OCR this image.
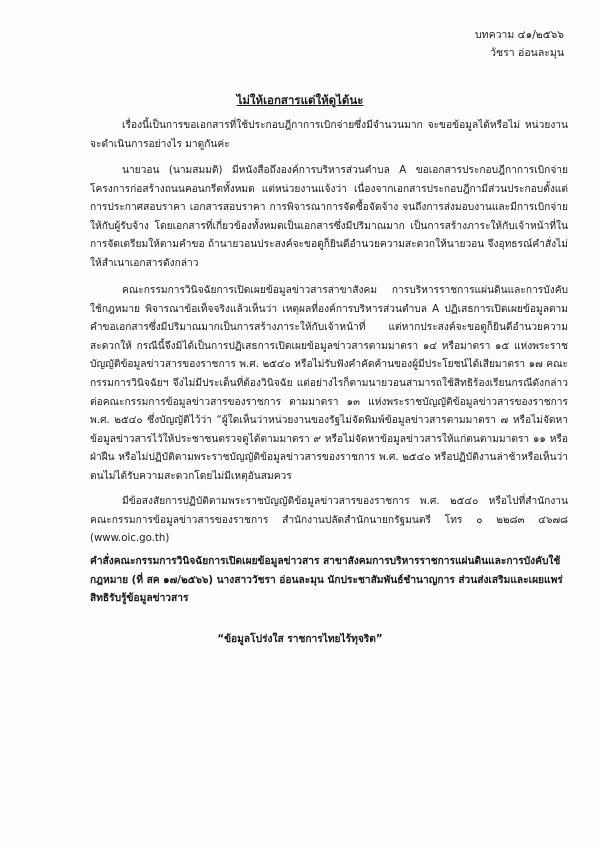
บทความ ๔๑/๒๕๖๖
วัชรา อ่อนละมุน
ไม่ให้เอกสารแต่ให้ดูได้นะ
เรื่องนี้เป็นการขอเอกสารที่ใช้ประกอบฎีกาการเบิกจ่ายซึ่งมีจำนวนมาก จะขอข้อมูลได้หรือไม่ หน่วยงานจะดำเนินการอย่างไร มาดูกันค่ะ
นายวอน (นามสมมติ) มีหนังสือถึงองค์การบริหารส่วนตำบล A ขอเอกสารประกอบฎีกาการเบิกจ่ายโครงการก่อสร้างถนนคอนกรีตทั้งหมด แต่หน่วยงานแจ้งว่า เนื่องจากเอกสารประกอบฎีกามีส่วนประกอบตั้งแต่การประกาศสอบราคา เอกสารสอบราคา การพิจารณาการจัดซื้อจัดจ้าง จนถึงการส่งมอบงานและมีการเบิกจ่ายให้กับผู้รับจ้าง โดยเอกสารที่เกี่ยวข้องทั้งหมดเป็นเอกสารซึ่งมีปริมาณมาก เป็นการสร้างภาระให้กับเจ้าหน้าที่ในการจัดเตรียมให้ตามคำขอ ถ้านายวอนประสงค์จะขอดูก็ยินดีอำนวยความสะดวกให้นายวอน จึงอุทธรณ์คำสั่งไม่ให้สำเนาเอกสารดังกล่าว
คณะกรรมการวินิจฉัยการเปิดเผยข้อมูลข่าวสารสาขาสังคม การบริหารราชการแผ่นดินและการบังคับใช้กฎหมาย พิจารณาข้อเท็จจริงแล้วเห็นว่า เหตุผลที่องค์การบริหารส่วนตำบล A ปฏิเสธการเปิดเผยข้อมูลตามคำขอเอกสารซึ่งมีปริมาณมากเป็นการสร้างภาระให้กับเจ้าหน้าที่ แต่หากประสงค์จะขอดูก็ยินดีอำนวยความสะดวกให้ กรณีนี้จึงมิได้เป็นการปฏิเสธการเปิดเผยข้อมูลข่าวสารตามมาตรา ๑๔ หรือมาตรา ๑๕ แห่งพระราชบัญญัติข้อมูลข่าวสารของราชการ พ.ศ. ๒๕๔๐ หรือไม่รับฟังคำคัดค้านของผู้มีประโยชน์ได้เสียมาตรา ๑๗ คณะกรรมการวินิจฉัยฯ จึงไม่มีประเด็นที่ต้องวินิจฉัย แต่อย่างไรก็ตามนายวอนสามารถใช้สิทธิร้องเรียนกรณีดังกล่าวต่อคณะกรรมการข้อมูลข่าวสารของราชการ ตามมาตรา ๑๓ แห่งพระราชบัญญัติข้อมูลข่าวสารของราชการ พ.ศ. ๒๕๔๐ ซึ่งบัญญัติไว้ว่า “ผู้ใดเห็นว่าหน่วยงานของรัฐไม่จัดพิมพ์ข้อมูลข่าวสารตามมาตรา ๗ หรือไม่จัดหาข้อมูลข่าวสารไว้ให้ประชาชนตรวจดูได้ตามมาตรา ๙ หรือไม่จัดหาข้อมูลข่าวสารให้แก่ตนตามมาตรา ๑๑ หรือฝ่าฝืน หรือไม่ปฏิบัติตามพระราชบัญญัติข้อมูลข่าวสารของราชการ พ.ศ. ๒๕๔๐ หรือปฏิบัติงานล่าช้าหรือเห็นว่าตนไม่ได้รับความสะดวกโดยไม่มีเหตุอันสมควร
มีข้อสงสัยการปฏิบัติตามพระราชบัญญัติข้อมูลข่าวสารของราชการ พ.ศ. ๒๕๔๐ หรือไปที่สำนักงานคณะกรรมการข้อมูลข่าวสารของราชการ สำนักงานปลัดสำนักนายกรัฐมนตรี โทร ๐ ๒๒๘๓ ๔๖๗๘ (www.oic.go.th)
คำสั่งคณะกรรมการวินิจฉัยการเปิดเผยข้อมูลข่าวสาร สาขาสังคมการบริหารราชการแผ่นดินและการบังคับใช้กฎหมาย (ที่ สค ๑๗/๒๕๖๖) นางสาววัชรา อ่อนละมุน นักประชาสัมพันธ์ชำนาญการ ส่วนส่งเสริมและเผยแพร่สิทธิรับรู้ข้อมูลข่าวสาร
“ข้อมูลโปร่งใส ราชการไทยไร้ทุจริต”
